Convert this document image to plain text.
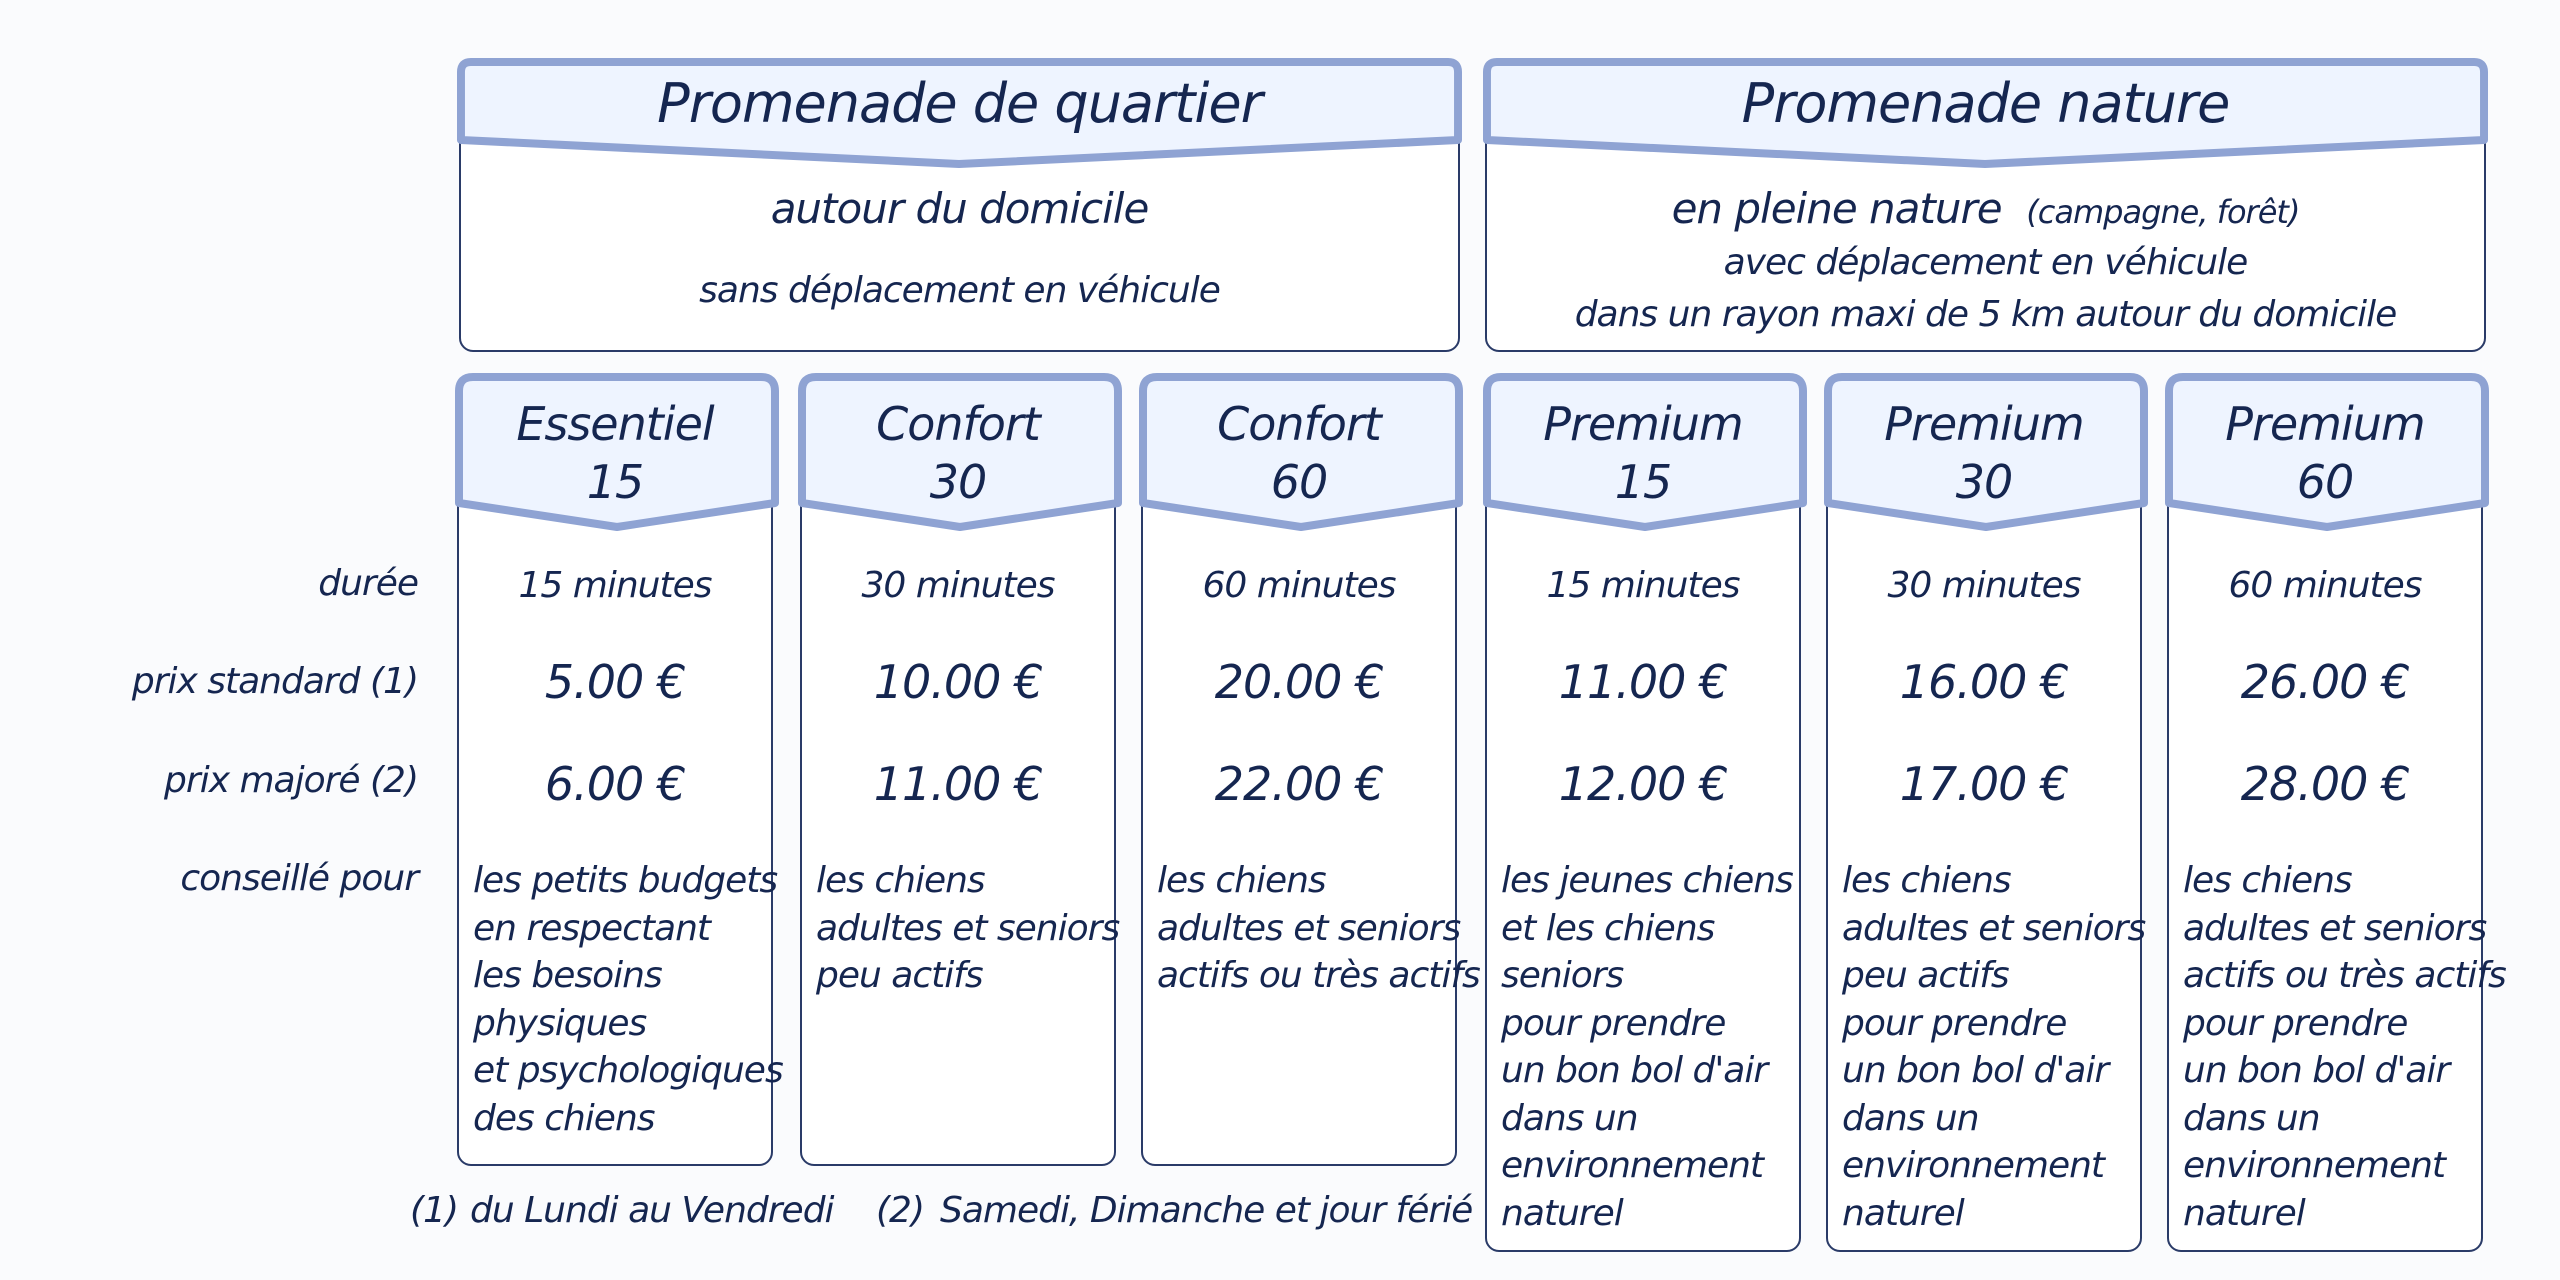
Promenade de quartier
autour du domicile
sans déplacement en véhicule
Promenade nature
en pleine nature (campagne, forêt)
avec déplacement en véhicule
dans un rayon maxi de 5 km autour du domicile
durée
prix standard (1)
prix majoré (2)
conseillé pour
Essentiel
15
15 minutes
5.00 €
6.00 €
les petits budgets
en respectant
les besoins
physiques
et psychologiques
des chiens
Confort
30
30 minutes
10.00 €
11.00 €
les chiens
adultes et seniors
peu actifs
Confort
60
60 minutes
20.00 €
22.00 €
les chiens
adultes et seniors
actifs ou très actifs
Premium
15
15 minutes
11.00 €
12.00 €
les jeunes chiens
et les chiens
seniors
pour prendre
un bon bol d'air
dans un
environnement
naturel
Premium
30
30 minutes
16.00 €
17.00 €
les chiens
adultes et seniors
peu actifs
pour prendre
un bon bol d'air
dans un
environnement
naturel
Premium
60
60 minutes
26.00 €
28.00 €
les chiens
adultes et seniors
actifs ou très actifs
pour prendre
un bon bol d'air
dans un
environnement
naturel
(1) du Lundi au Vendredi (2) Samedi, Dimanche et jour férié
